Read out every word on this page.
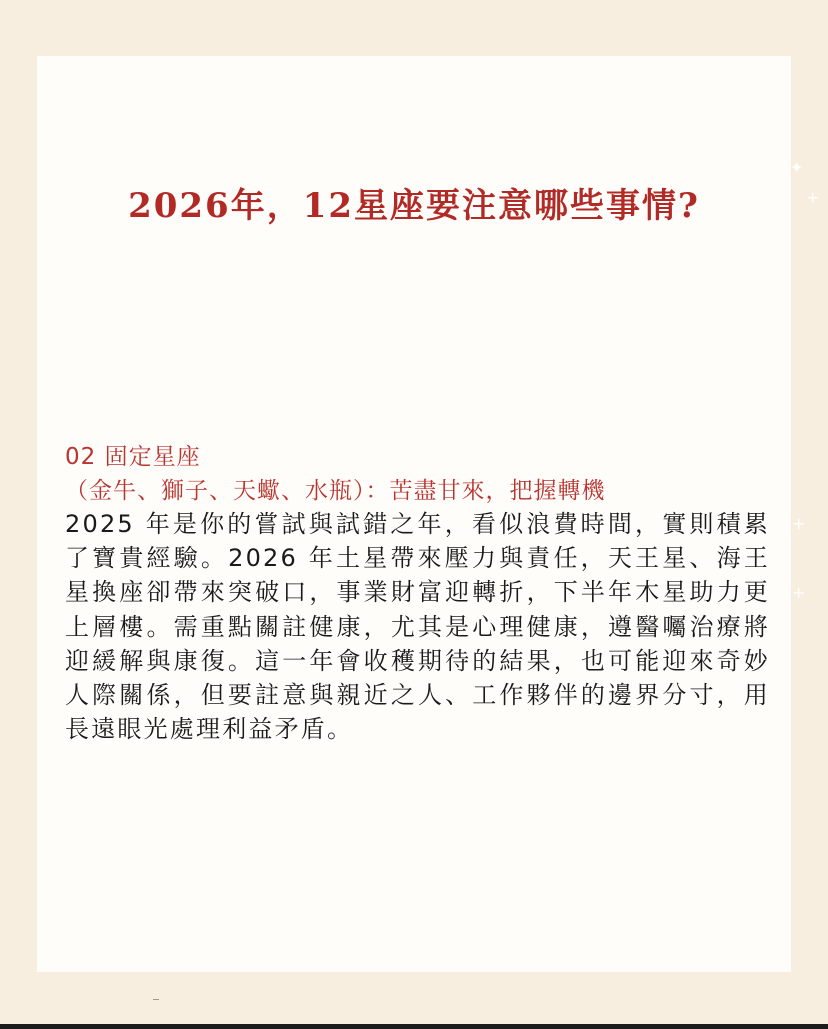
2026年，12星座要注意哪些事情?
02 固定星座
（金牛、獅子、天蠍、水瓶）：苦盡甘來，把握轉機
2025 年是你的嘗試與試錯之年，看似浪費時間，實則積累了寶貴經驗。2026 年土星帶來壓力與責任，天王星、海王星換座卻帶來突破口，事業財富迎轉折，下半年木星助力更上層樓。需重點關註健康，尤其是心理健康，遵醫囑治療將迎緩解與康復。這一年會收穫期待的結果，也可能迎來奇妙人際關係，但要註意與親近之人、工作夥伴的邊界分寸，用長遠眼光處理利益矛盾。
✦
+
+
+
